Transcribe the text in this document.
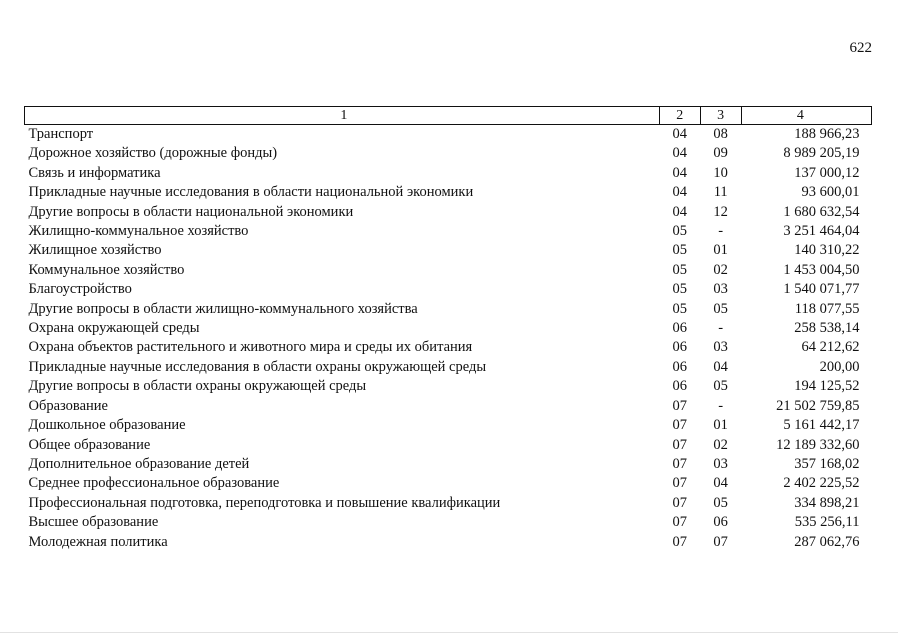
622
1	2	3	4
Транспорт	04	08	188 966,23
Дорожное хозяйство (дорожные фонды)	04	09	8 989 205,19
Связь и информатика	04	10	137 000,12
Прикладные научные исследования в области национальной экономики	04	11	93 600,01
Другие вопросы в области национальной экономики	04	12	1 680 632,54
Жилищно-коммунальное хозяйство	05	-	3 251 464,04
Жилищное хозяйство	05	01	140 310,22
Коммунальное хозяйство	05	02	1 453 004,50
Благоустройство	05	03	1 540 071,77
Другие вопросы в области жилищно-коммунального хозяйства	05	05	118 077,55
Охрана окружающей среды	06	-	258 538,14
Охрана объектов растительного и животного мира и среды их обитания	06	03	64 212,62
Прикладные научные исследования в области охраны окружающей среды	06	04	200,00
Другие вопросы в области охраны окружающей среды	06	05	194 125,52
Образование	07	-	21 502 759,85
Дошкольное образование	07	01	5 161 442,17
Общее образование	07	02	12 189 332,60
Дополнительное образование детей	07	03	357 168,02
Среднее профессиональное образование	07	04	2 402 225,52
Профессиональная подготовка, переподготовка и повышение квалификации	07	05	334 898,21
Высшее образование	07	06	535 256,11
Молодежная политика	07	07	287 062,76
